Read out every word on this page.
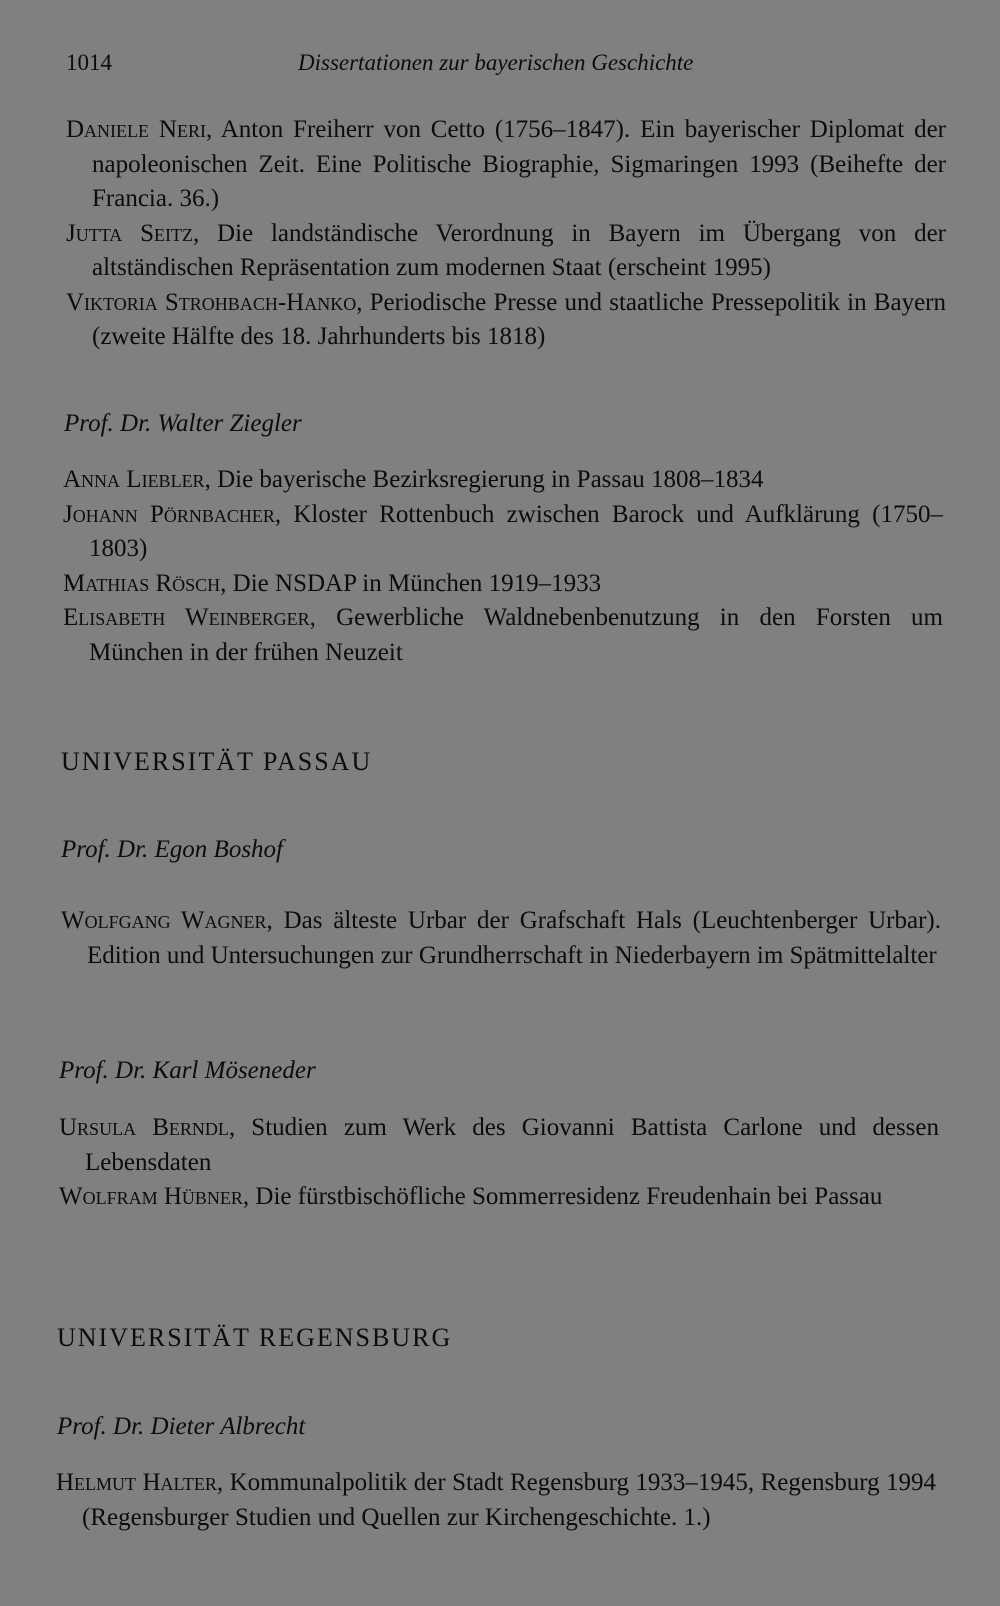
1014	Dissertationen zur bayerischen Geschichte

Daniele Neri, Anton Freiherr von Cetto (1756–1847). Ein bayerischer Diplomat der napoleonischen Zeit. Eine Politische Biographie, Sigmaringen 1993 (Beihefte der Francia. 36.)

Jutta Seitz, Die landständische Verordnung in Bayern im Übergang von der altständischen Repräsentation zum modernen Staat (erscheint 1995)

Viktoria Strohbach-Hanko, Periodische Presse und staatliche Pressepolitik in Bayern (zweite Hälfte des 18. Jahrhunderts bis 1818)

Prof. Dr. Walter Ziegler

Anna Liebler, Die bayerische Bezirksregierung in Passau 1808–1834

Johann Pörnbacher, Kloster Rottenbuch zwischen Barock und Aufklärung (1750–1803)

Mathias Rösch, Die NSDAP in München 1919–1933

Elisabeth Weinberger, Gewerbliche Waldnebenbenutzung in den Forsten um München in der frühen Neuzeit

UNIVERSITÄT PASSAU

Prof. Dr. Egon Boshof

Wolfgang Wagner, Das älteste Urbar der Grafschaft Hals (Leuchtenberger Urbar). Edition und Untersuchungen zur Grundherrschaft in Niederbayern im Spätmittelalter

Prof. Dr. Karl Möseneder

Ursula Berndl, Studien zum Werk des Giovanni Battista Carlone und dessen Lebensdaten

Wolfram Hübner, Die fürstbischöfliche Sommerresidenz Freudenhain bei Passau

UNIVERSITÄT REGENSBURG

Prof. Dr. Dieter Albrecht

Helmut Halter, Kommunalpolitik der Stadt Regensburg 1933–1945, Regensburg 1994 (Regensburger Studien und Quellen zur Kirchengeschichte. 1.)
